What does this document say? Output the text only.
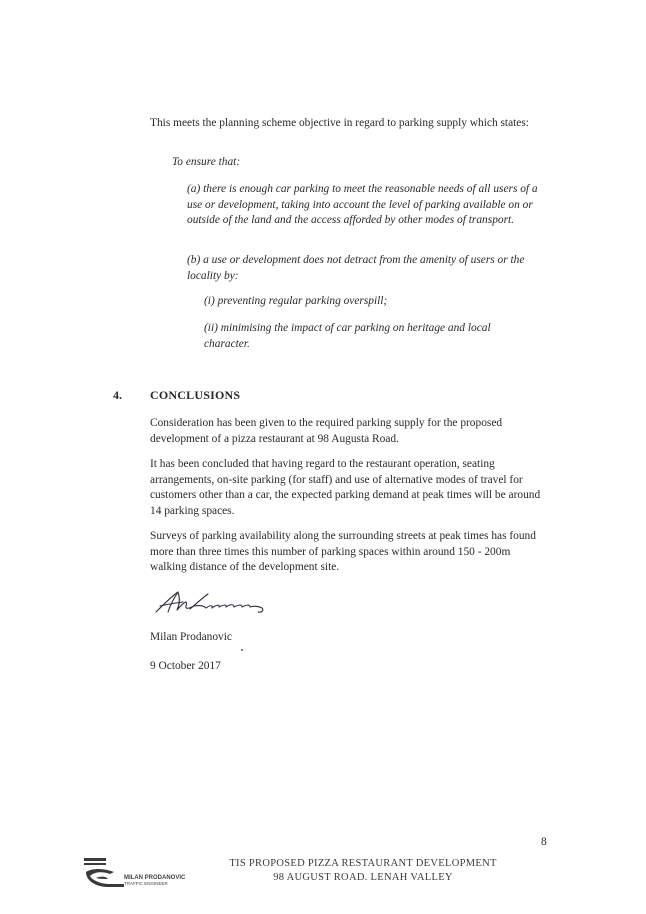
This meets the planning scheme objective in regard to parking supply which states:

To ensure that:

(a) there is enough car parking to meet the reasonable needs of all users of a use or development, taking into account the level of parking available on or outside of the land and the access afforded by other modes of transport.

(b) a use or development does not detract from the amenity of users or the locality by:

(i) preventing regular parking overspill;

(ii) minimising the impact of car parking on heritage and local character.

4. CONCLUSIONS

Consideration has been given to the required parking supply for the proposed development of a pizza restaurant at 98 Augusta Road.

It has been concluded that having regard to the restaurant operation, seating arrangements, on-site parking (for staff) and use of alternative modes of travel for customers other than a car, the expected parking demand at peak times will be around 14 parking spaces.

Surveys of parking availability along the surrounding streets at peak times has found more than three times this number of parking spaces within around 150 - 200m walking distance of the development site.

Milan Prodanovic

9 October 2017

8
MILAN PRODANOVIC
TRAFFIC ENGINEER
TIS PROPOSED PIZZA RESTAURANT DEVELOPMENT
98 AUGUST ROAD. LENAH VALLEY
